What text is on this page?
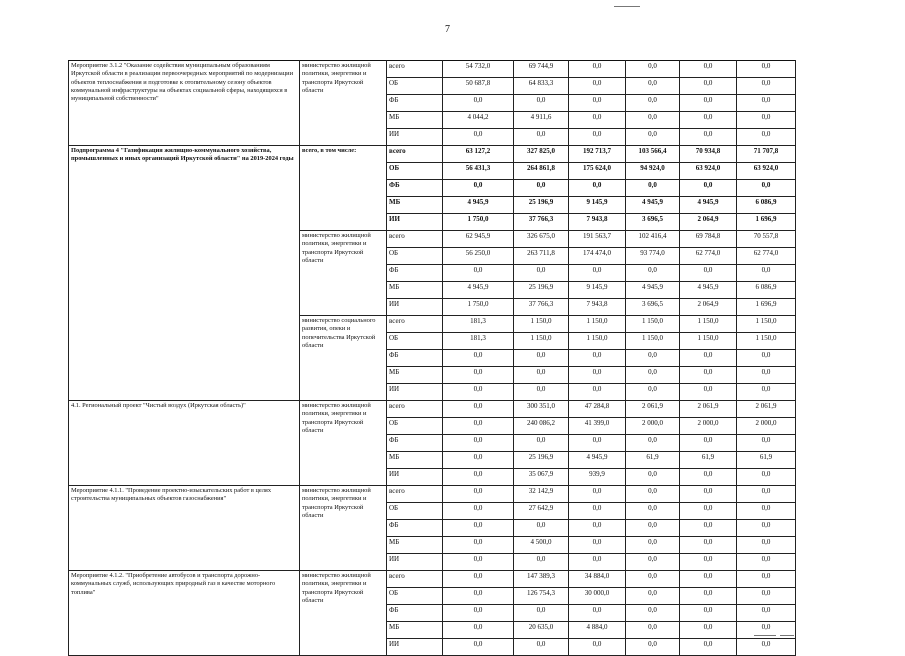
7
Мероприятие 3.1.2 "Оказание содействия муниципальным образованиям Иркутской области в реализации первоочередных мероприятий по модернизации объектов теплоснабжения и подготовке к отопительному сезону объектов коммунальной инфраструктуры на объектах социальной сферы, находящихся в муниципальной собственности"	министерство жилищной политики, энергетики и транспорта Иркутской области	всего	54 732,0	69 744,9	0,0	0,0	0,0	0,0
		ОБ	50 687,8	64 833,3	0,0	0,0	0,0	0,0
		ФБ	0,0	0,0	0,0	0,0	0,0	0,0
		МБ	4 044,2	4 911,6	0,0	0,0	0,0	0,0
		ИИ	0,0	0,0	0,0	0,0	0,0	0,0
Подпрограмма 4 "Газификация жилищно-коммунального хозяйства, промышленных и иных организаций Иркутской области" на 2019-2024 годы	всего, в том числе:	всего	63 127,2	327 825,0	192 713,7	103 566,4	70 934,8	71 707,8
		ОБ	56 431,3	264 861,8	175 624,0	94 924,0	63 924,0	63 924,0
		ФБ	0,0	0,0	0,0	0,0	0,0	0,0
		МБ	4 945,9	25 196,9	9 145,9	4 945,9	4 945,9	6 086,9
		ИИ	1 750,0	37 766,3	7 943,8	3 696,5	2 064,9	1 696,9
	министерство жилищной политики, энергетики и транспорта Иркутской области	всего	62 945,9	326 675,0	191 563,7	102 416,4	69 784,8	70 557,8
		ОБ	56 250,0	263 711,8	174 474,0	93 774,0	62 774,0	62 774,0
		ФБ	0,0	0,0	0,0	0,0	0,0	0,0
		МБ	4 945,9	25 196,9	9 145,9	4 945,9	4 945,9	6 086,9
		ИИ	1 750,0	37 766,3	7 943,8	3 696,5	2 064,9	1 696,9
	министерство социального развития, опеки и попечительства Иркутской области	всего	181,3	1 150,0	1 150,0	1 150,0	1 150,0	1 150,0
		ОБ	181,3	1 150,0	1 150,0	1 150,0	1 150,0	1 150,0
		ФБ	0,0	0,0	0,0	0,0	0,0	0,0
		МБ	0,0	0,0	0,0	0,0	0,0	0,0
		ИИ	0,0	0,0	0,0	0,0	0,0	0,0
4.1. Региональный проект "Чистый воздух (Иркутская область)"	министерство жилищной политики, энергетики и транспорта Иркутской области	всего	0,0	300 351,0	47 284,8	2 061,9	2 061,9	2 061,9
		ОБ	0,0	240 086,2	41 399,0	2 000,0	2 000,0	2 000,0
		ФБ	0,0	0,0	0,0	0,0	0,0	0,0
		МБ	0,0	25 196,9	4 945,9	61,9	61,9	61,9
		ИИ	0,0	35 067,9	939,9	0,0	0,0	0,0
Мероприятие 4.1.1. "Проведение проектно-изыскательских работ в целях строительства муниципальных объектов газоснабжения"	министерство жилищной политики, энергетики и транспорта Иркутской области	всего	0,0	32 142,9	0,0	0,0	0,0	0,0
		ОБ	0,0	27 642,9	0,0	0,0	0,0	0,0
		ФБ	0,0	0,0	0,0	0,0	0,0	0,0
		МБ	0,0	4 500,0	0,0	0,0	0,0	0,0
		ИИ	0,0	0,0	0,0	0,0	0,0	0,0
Мероприятие 4.1.2. "Приобретение автобусов и транспорта дорожно-коммунальных служб, использующих природный газ в качестве моторного топлива"	министерство жилищной политики, энергетики и транспорта Иркутской области	всего	0,0	147 389,3	34 884,0	0,0	0,0	0,0
		ОБ	0,0	126 754,3	30 000,0	0,0	0,0	0,0
		ФБ	0,0	0,0	0,0	0,0	0,0	0,0
		МБ	0,0	20 635,0	4 884,0	0,0	0,0	0,0
		ИИ	0,0	0,0	0,0	0,0	0,0	0,0
